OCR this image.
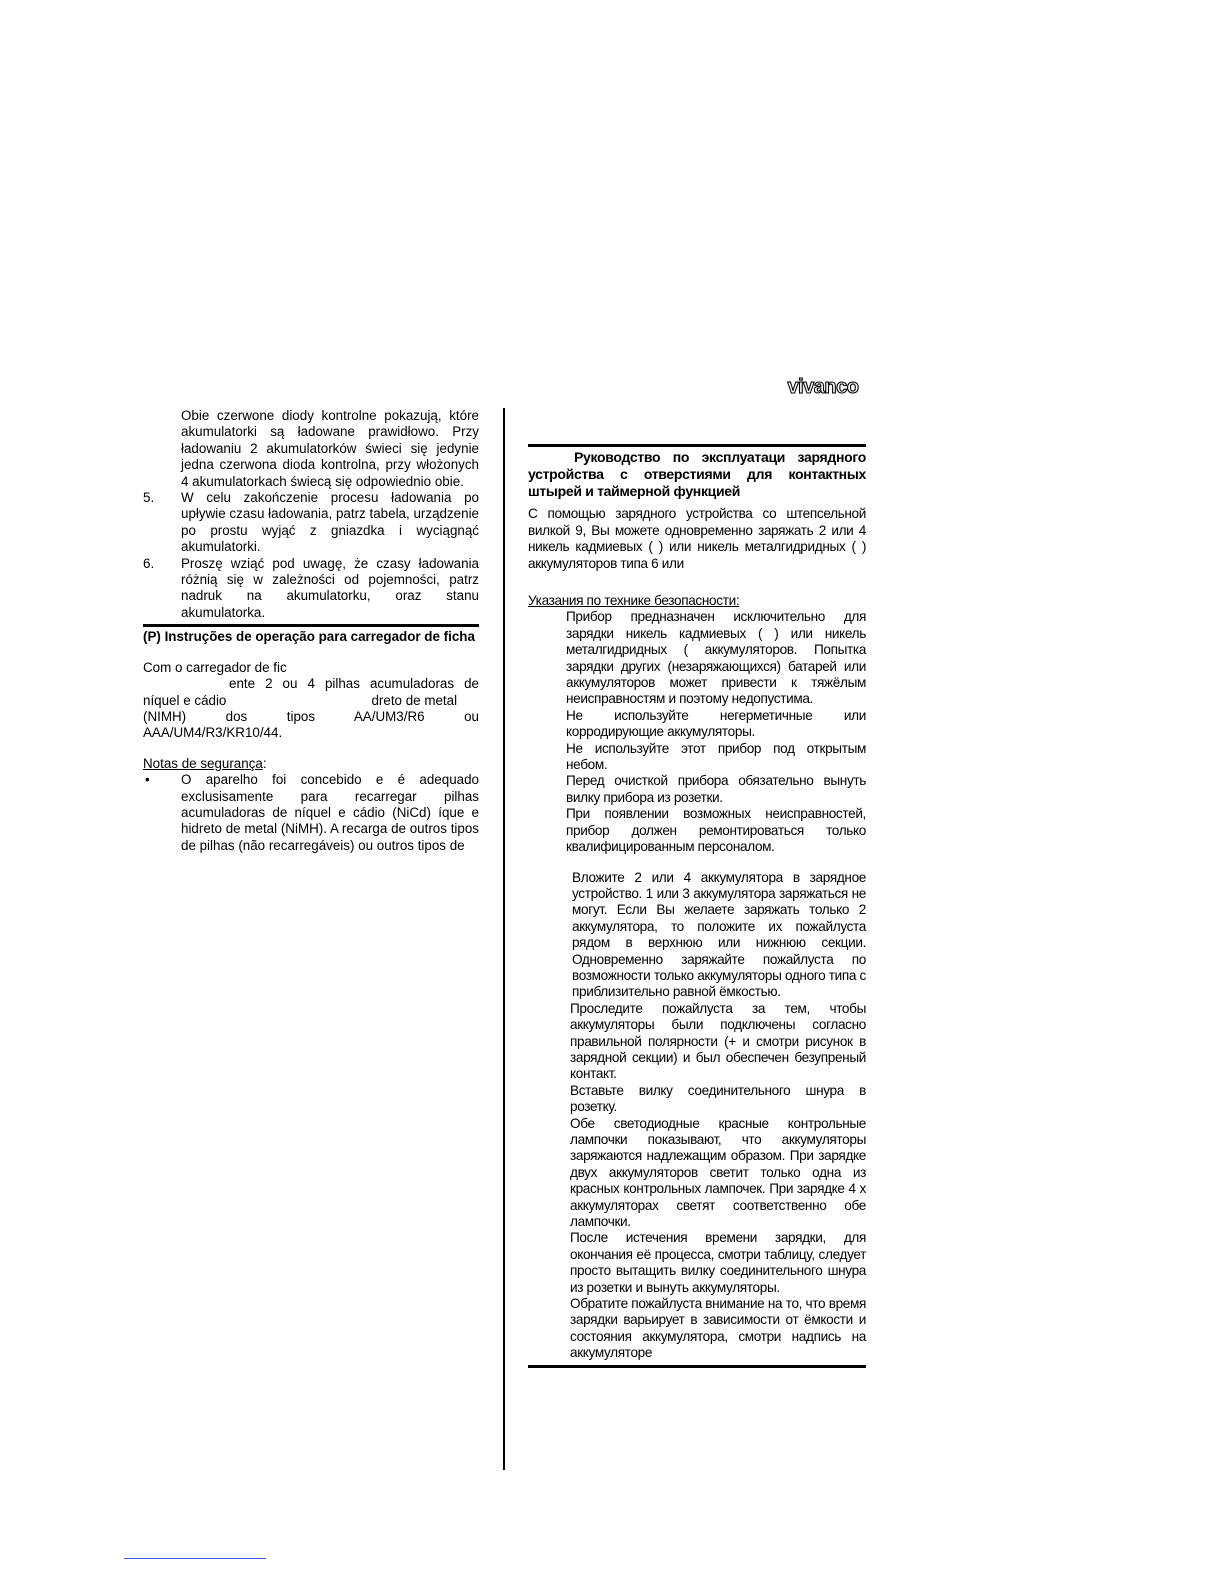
vivanco

Obie czerwone diody kontrolne pokazują, które akumulatorki są ładowane prawidłowo. Przy ładowaniu 2 akumulatorków świeci się jedynie jedna czerwona dioda kontrolna, przy włożonych 4 akumulatorkach świecą się odpowiednio obie.

5. W celu zakończenie procesu ładowania po upływie czasu ładowania, patrz tabela, urządzenie po prostu wyjąć z gniazdka i wyciągnąć akumulatorki.

6. Proszę wziąć pod uwagę, że czasy ładowania różnią się w zależności od pojemności, patrz nadruk na akumulatorku, oraz stanu akumulatorka.

(P) Instruções de operação para carregador de ficha

Com o carregador de fic

ente 2 ou 4 pilhas acumuladoras de

níquel e cádio                                       dreto de metal

(NIMH) dos tipos AA/UM3/R6 ou

AAA/UM4/R3/KR10/44.

Notas de segurança:

• O aparelho foi concebido e é adequado exclusisamente para recarregar pilhas acumuladoras de níquel e cádio (NiCd) íque e hidreto de metal (NiMH). A recarga de outros tipos de pilhas (não recarregáveis) ou outros tipos de

Руководство по эксплуатаци зарядного устройства с отверстиями для контактных штырей и таймерной функцией

С помощью зарядного устройства со штепсельной вилкой 9, Вы можете одновременно заряжать 2 или 4 никель кадмиевых ( ) или никель металгидридных ( ) аккумуляторов типа 6 или

Указания по технике безопасности:

Прибор предназначен исключительно для зарядки никель кадмиевых ( ) или никель металгидридных ( аккумуляторов. Попытка зарядки других (незаряжающихся) батарей или аккумуляторов может привести к тяжёлым неисправностям и поэтому недопустима.

Не используйте негерметичные или корродирующие аккумуляторы.

Не используйте этот прибор под открытым небом.

Перед очисткой прибора обязательно вынуть вилку прибора из розетки.

При появлении возможных неисправностей, прибор должен ремонтироваться только квалифицированным персоналом.

Вложите 2 или 4 аккумулятора в зарядное устройство. 1 или 3 аккумулятора заряжаться не могут. Если Вы желаете заряжать только 2 аккумулятора, то положите их пожайлуста рядом в верхнюю или нижнюю секции. Одновременно заряжайте пожайлуста по возможности только аккумуляторы одного типа с приблизительно равной ёмкостью.

Проследите пожайлуста за тем, чтобы аккумуляторы были подключены согласно правильной полярности (+ и смотри рисунок в зарядной секции) и был обеспечен безупреный контакт.

Вставьте вилку соединительного шнура в розетку.

Обе светодиодные красные контрольные лампочки показывают, что аккумуляторы заряжаются надлежащим образом. При зарядке двух аккумуляторов светит только одна из красных контрольных лампочек. При зарядке 4 x аккумуляторах светят соответственно обе лампочки.

После истечения времени зарядки, для окончания её процесса, смотри таблицу, следует просто вытащить вилку соединительного шнура из розетки и вынуть аккумуляторы.

Обратите пожайлуста внимание на то, что время зарядки варьирует в зависимости от ёмкости и состояния аккумулятора, смотри надпись на аккумуляторе
